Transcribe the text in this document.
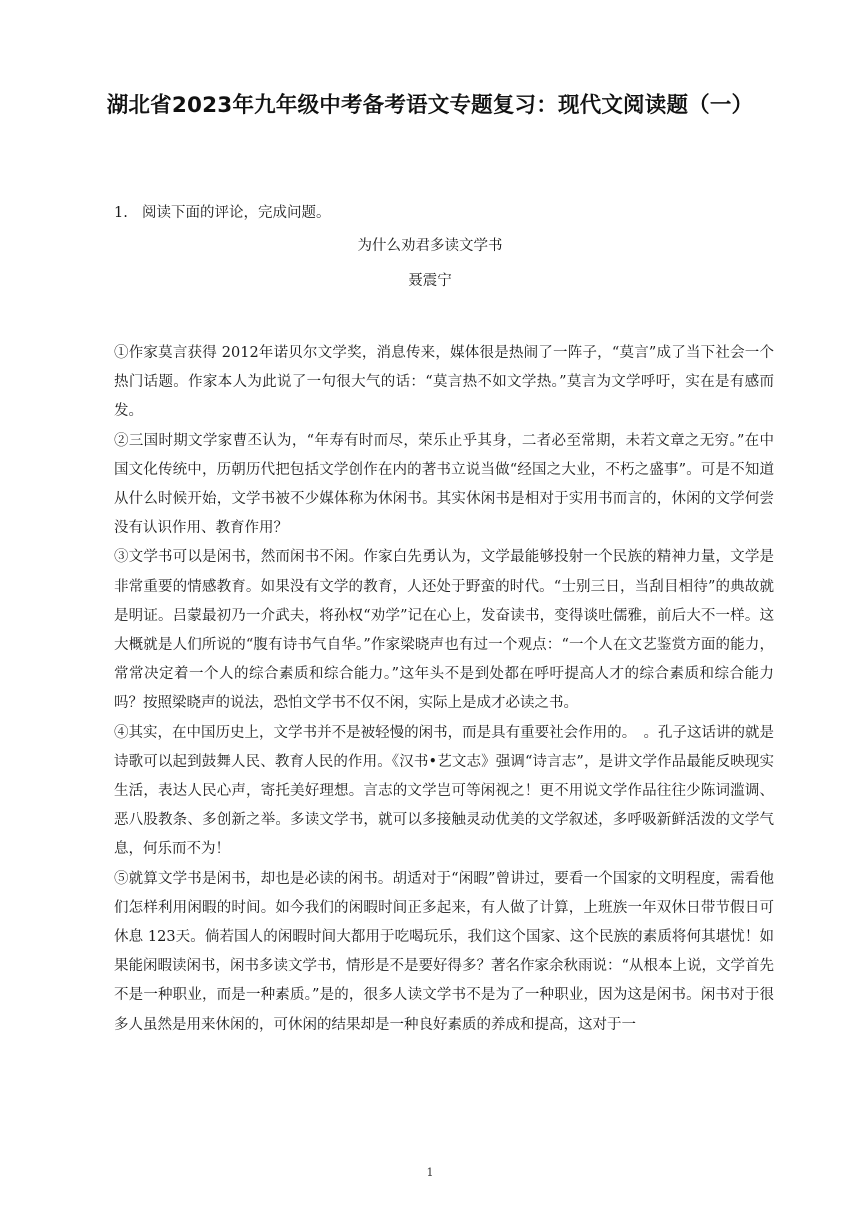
湖北省2023年九年级中考备考语文专题复习：现代文阅读题（一）
1. 阅读下面的评论，完成问题。
为什么劝君多读文学书
聂震宁

①作家莫言获得 2012年诺贝尔文学奖，消息传来，媒体很是热闹了一阵子，“莫言”成了当下社会一个热门话题。作家本人为此说了一句很大气的话：“莫言热不如文学热。”莫言为文学呼吁，实在是有感而发。

②三国时期文学家曹丕认为，“年寿有时而尽，荣乐止乎其身，二者必至常期，未若文章之无穷。”在中国文化传统中，历朝历代把包括文学创作在内的著书立说当做“经国之大业，不朽之盛事”。可是不知道从什么时候开始，文学书被不少媒体称为休闲书。其实休闲书是相对于实用书而言的，休闲的文学何尝没有认识作用、教育作用？

③文学书可以是闲书，然而闲书不闲。作家白先勇认为，文学最能够投射一个民族的精神力量，文学是非常重要的情感教育。如果没有文学的教育，人还处于野蛮的时代。“士别三日，当刮目相待”的典故就是明证。吕蒙最初乃一介武夫，将孙权“劝学”记在心上，发奋读书，变得谈吐儒雅，前后大不一样。这大概就是人们所说的“腹有诗书气自华。”作家梁晓声也有过一个观点：“一个人在文艺鉴赏方面的能力，常常决定着一个人的综合素质和综合能力。”这年头不是到处都在呼吁提高人才的综合素质和综合能力吗？按照梁晓声的说法，恐怕文学书不仅不闲，实际上是成才必读之书。

④其实，在中国历史上，文学书并不是被轻慢的闲书，而是具有重要社会作用的。　。孔子这话讲的就是诗歌可以起到鼓舞人民、教育人民的作用。《汉书•艺文志》强调“诗言志”，是讲文学作品最能反映现实生活，表达人民心声，寄托美好理想。言志的文学岂可等闲视之！更不用说文学作品往往少陈词滥调、恶八股教条、多创新之举。多读文学书，就可以多接触灵动优美的文学叙述，多呼吸新鲜活泼的文学气息，何乐而不为！

⑤就算文学书是闲书，却也是必读的闲书。胡适对于“闲暇”曾讲过，要看一个国家的文明程度，需看他们怎样利用闲暇的时间。如今我们的闲暇时间正多起来，有人做了计算，上班族一年双休日带节假日可休息 123天。倘若国人的闲暇时间大都用于吃喝玩乐，我们这个国家、这个民族的素质将何其堪忧！如果能闲暇读闲书，闲书多读文学书，情形是不是要好得多？著名作家余秋雨说：“从根本上说，文学首先不是一种职业，而是一种素质。”是的，很多人读文学书不是为了一种职业，因为这是闲书。闲书对于很多人虽然是用来休闲的，可休闲的结果却是一种良好素质的养成和提高，这对于一

1
